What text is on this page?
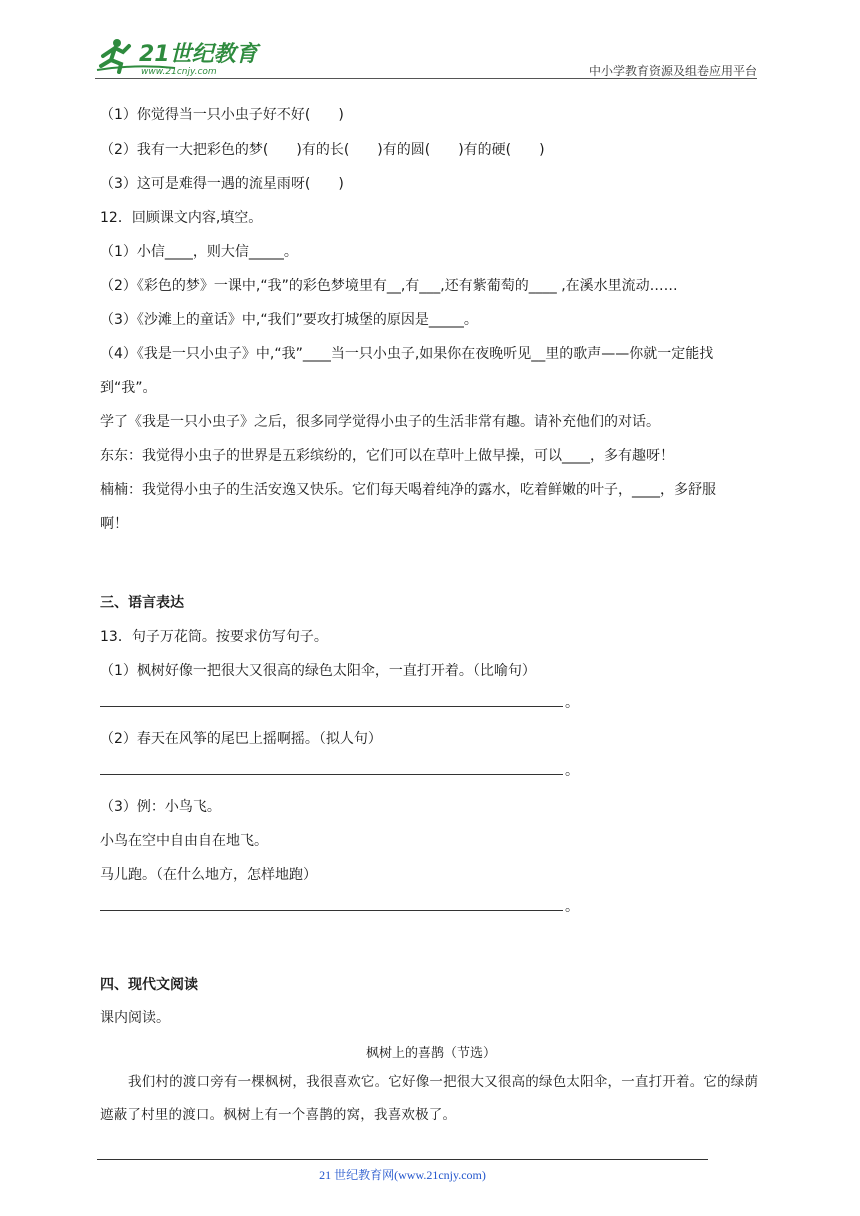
21世纪教育
www.21cnjy.com	中小学教育资源及组卷应用平台
（1）你觉得当一只小虫子好不好(　　)
（2）我有一大把彩色的梦(　　)有的长(　　)有的圆(　　)有的硬(　　)
（3）这可是难得一遇的流星雨呀(　　)
12．回顾课文内容,填空。
（1）小信____，则大信_____。
（2）《彩色的梦》一课中,“我”的彩色梦境里有__,有___,还有紫葡萄的____ ,在溪水里流动……
（3）《沙滩上的童话》中,“我们”要攻打城堡的原因是_____。
（4）《我是一只小虫子》中,“我”____当一只小虫子,如果你在夜晚听见__里的歌声——你就一定能找
到“我”。
学了《我是一只小虫子》之后，很多同学觉得小虫子的生活非常有趣。请补充他们的对话。
东东：我觉得小虫子的世界是五彩缤纷的，它们可以在草叶上做早操，可以____，多有趣呀！
楠楠：我觉得小虫子的生活安逸又快乐。它们每天喝着纯净的露水，吃着鲜嫩的叶子，____，多舒服
啊！
三、语言表达
13．句子万花筒。按要求仿写句子。
（1）枫树好像一把很大又很高的绿色太阳伞，一直打开着。（比喻句）
。
（2）春天在风筝的尾巴上摇啊摇。（拟人句）
。
（3）例：小鸟飞。
小鸟在空中自由自在地飞。
马儿跑。（在什么地方，怎样地跑）
。
四、现代文阅读
课内阅读。
枫树上的喜鹊（节选）
我们村的渡口旁有一棵枫树，我很喜欢它。它好像一把很大又很高的绿色太阳伞，一直打开着。它的绿荫遮蔽了村里的渡口。枫树上有一个喜鹊的窝，我喜欢极了。
21 世纪教育网(www.21cnjy.com)
